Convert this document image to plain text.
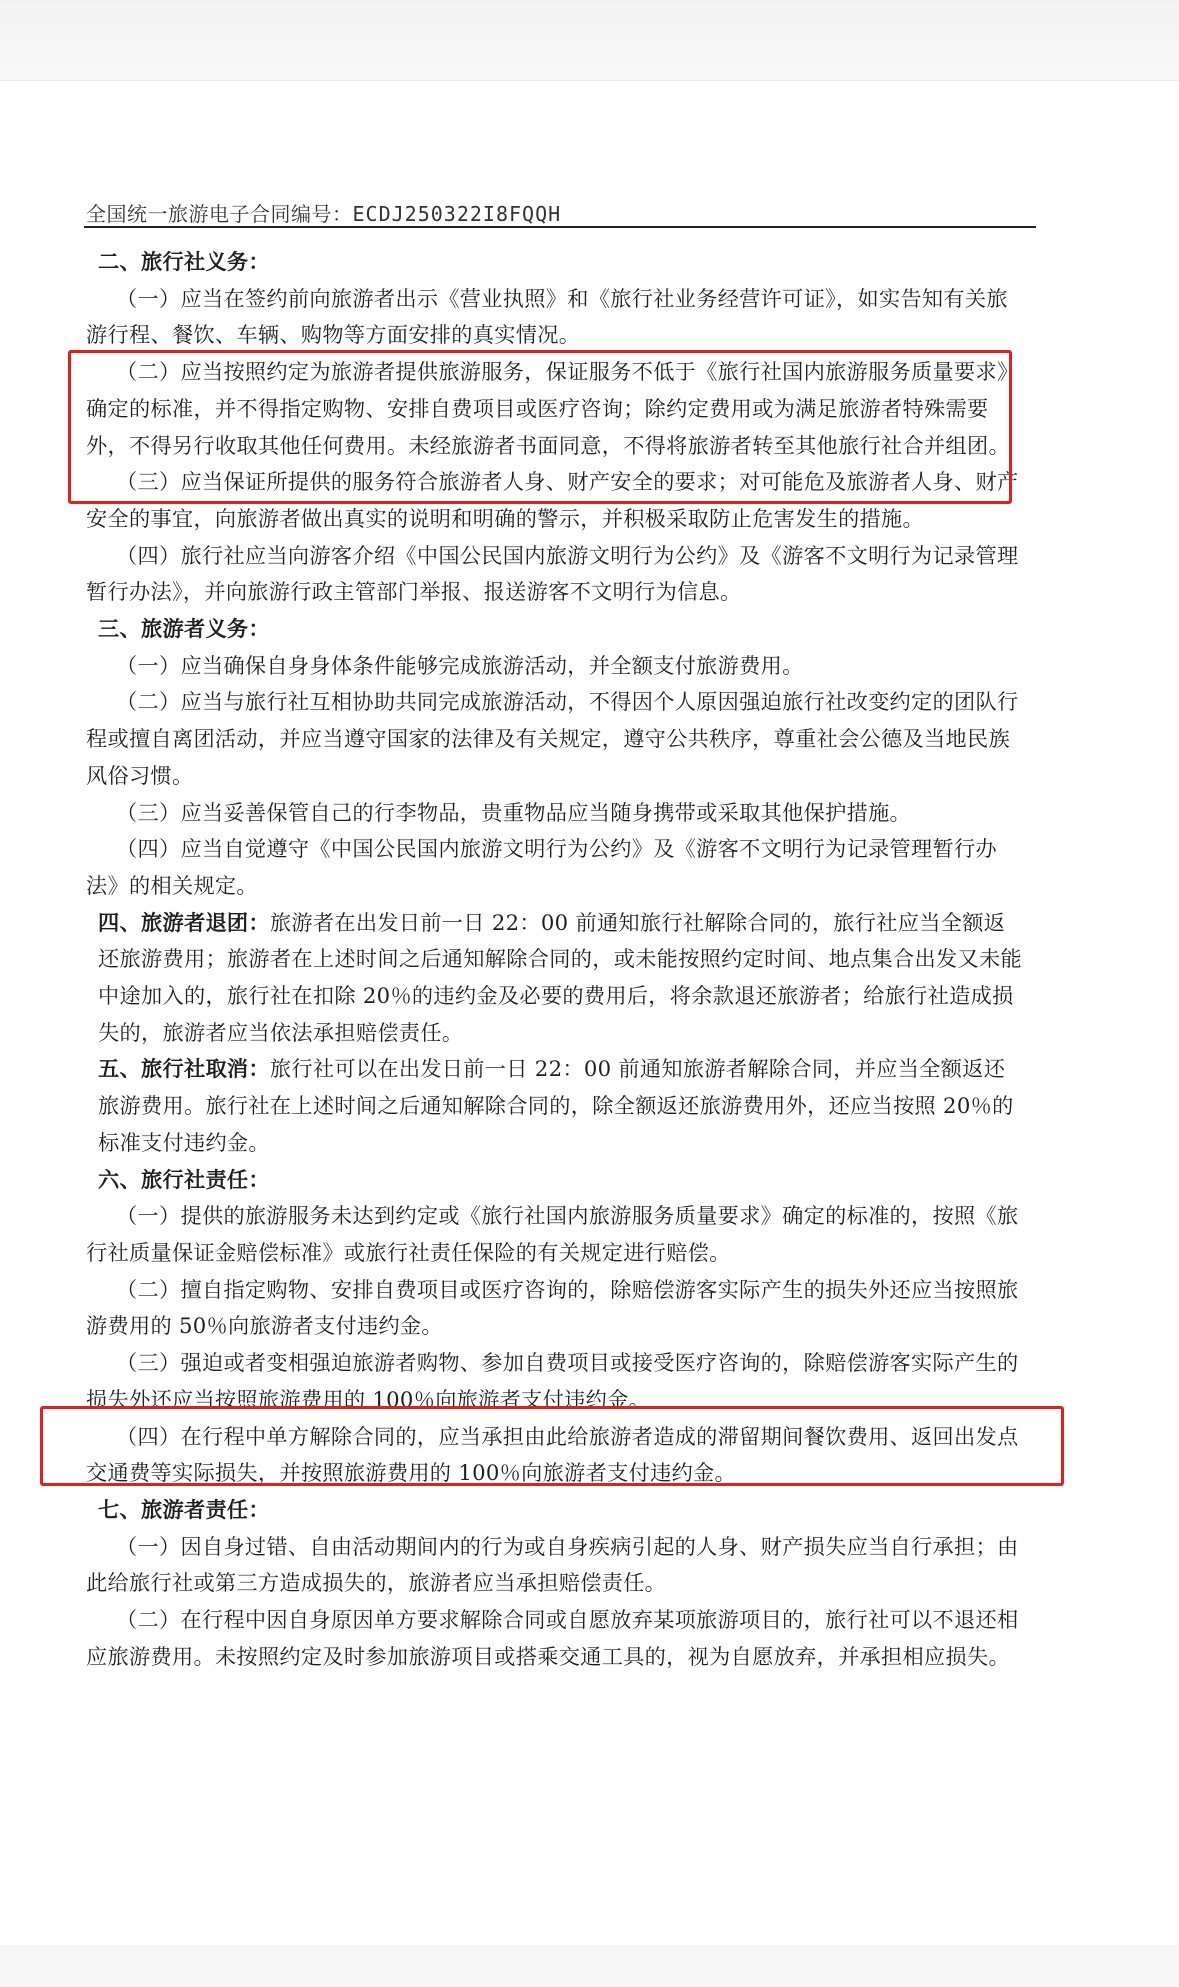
全国统一旅游电子合同编号：ECDJ250322I8FQQH

二、旅行社义务：

（一）应当在签约前向旅游者出示《营业执照》和《旅行社业务经营许可证》，如实告知有关旅游行程、餐饮、车辆、购物等方面安排的真实情况。

（二）应当按照约定为旅游者提供旅游服务，保证服务不低于《旅行社国内旅游服务质量要求》确定的标准，并不得指定购物、安排自费项目或医疗咨询；除约定费用或为满足旅游者特殊需要外，不得另行收取其他任何费用。未经旅游者书面同意，不得将旅游者转至其他旅行社合并组团。

（三）应当保证所提供的服务符合旅游者人身、财产安全的要求；对可能危及旅游者人身、财产安全的事宜，向旅游者做出真实的说明和明确的警示，并积极采取防止危害发生的措施。

（四）旅行社应当向游客介绍《中国公民国内旅游文明行为公约》及《游客不文明行为记录管理暂行办法》，并向旅游行政主管部门举报、报送游客不文明行为信息。

三、旅游者义务：

（一）应当确保自身身体条件能够完成旅游活动，并全额支付旅游费用。

（二）应当与旅行社互相协助共同完成旅游活动，不得因个人原因强迫旅行社改变约定的团队行程或擅自离团活动，并应当遵守国家的法律及有关规定，遵守公共秩序，尊重社会公德及当地民族风俗习惯。

（三）应当妥善保管自己的行李物品，贵重物品应当随身携带或采取其他保护措施。

（四）应当自觉遵守《中国公民国内旅游文明行为公约》及《游客不文明行为记录管理暂行办法》的相关规定。

四、旅游者退团：旅游者在出发日前一日 22：00 前通知旅行社解除合同的，旅行社应当全额返还旅游费用；旅游者在上述时间之后通知解除合同的，或未能按照约定时间、地点集合出发又未能中途加入的，旅行社在扣除 20％的违约金及必要的费用后，将余款退还旅游者；给旅行社造成损失的，旅游者应当依法承担赔偿责任。

五、旅行社取消：旅行社可以在出发日前一日 22：00 前通知旅游者解除合同，并应当全额返还旅游费用。旅行社在上述时间之后通知解除合同的，除全额返还旅游费用外，还应当按照 20％的标准支付违约金。

六、旅行社责任：

（一）提供的旅游服务未达到约定或《旅行社国内旅游服务质量要求》确定的标准的，按照《旅行社质量保证金赔偿标准》或旅行社责任保险的有关规定进行赔偿。

（二）擅自指定购物、安排自费项目或医疗咨询的，除赔偿游客实际产生的损失外还应当按照旅游费用的 50％向旅游者支付违约金。

（三）强迫或者变相强迫旅游者购物、参加自费项目或接受医疗咨询的，除赔偿游客实际产生的损失外还应当按照旅游费用的 100％向旅游者支付违约金。

（四）在行程中单方解除合同的，应当承担由此给旅游者造成的滞留期间餐饮费用、返回出发点交通费等实际损失，并按照旅游费用的 100％向旅游者支付违约金。

七、旅游者责任：

（一）因自身过错、自由活动期间内的行为或自身疾病引起的人身、财产损失应当自行承担；由此给旅行社或第三方造成损失的，旅游者应当承担赔偿责任。

（二）在行程中因自身原因单方要求解除合同或自愿放弃某项旅游项目的，旅行社可以不退还相应旅游费用。未按照约定及时参加旅游项目或搭乘交通工具的，视为自愿放弃，并承担相应损失。
